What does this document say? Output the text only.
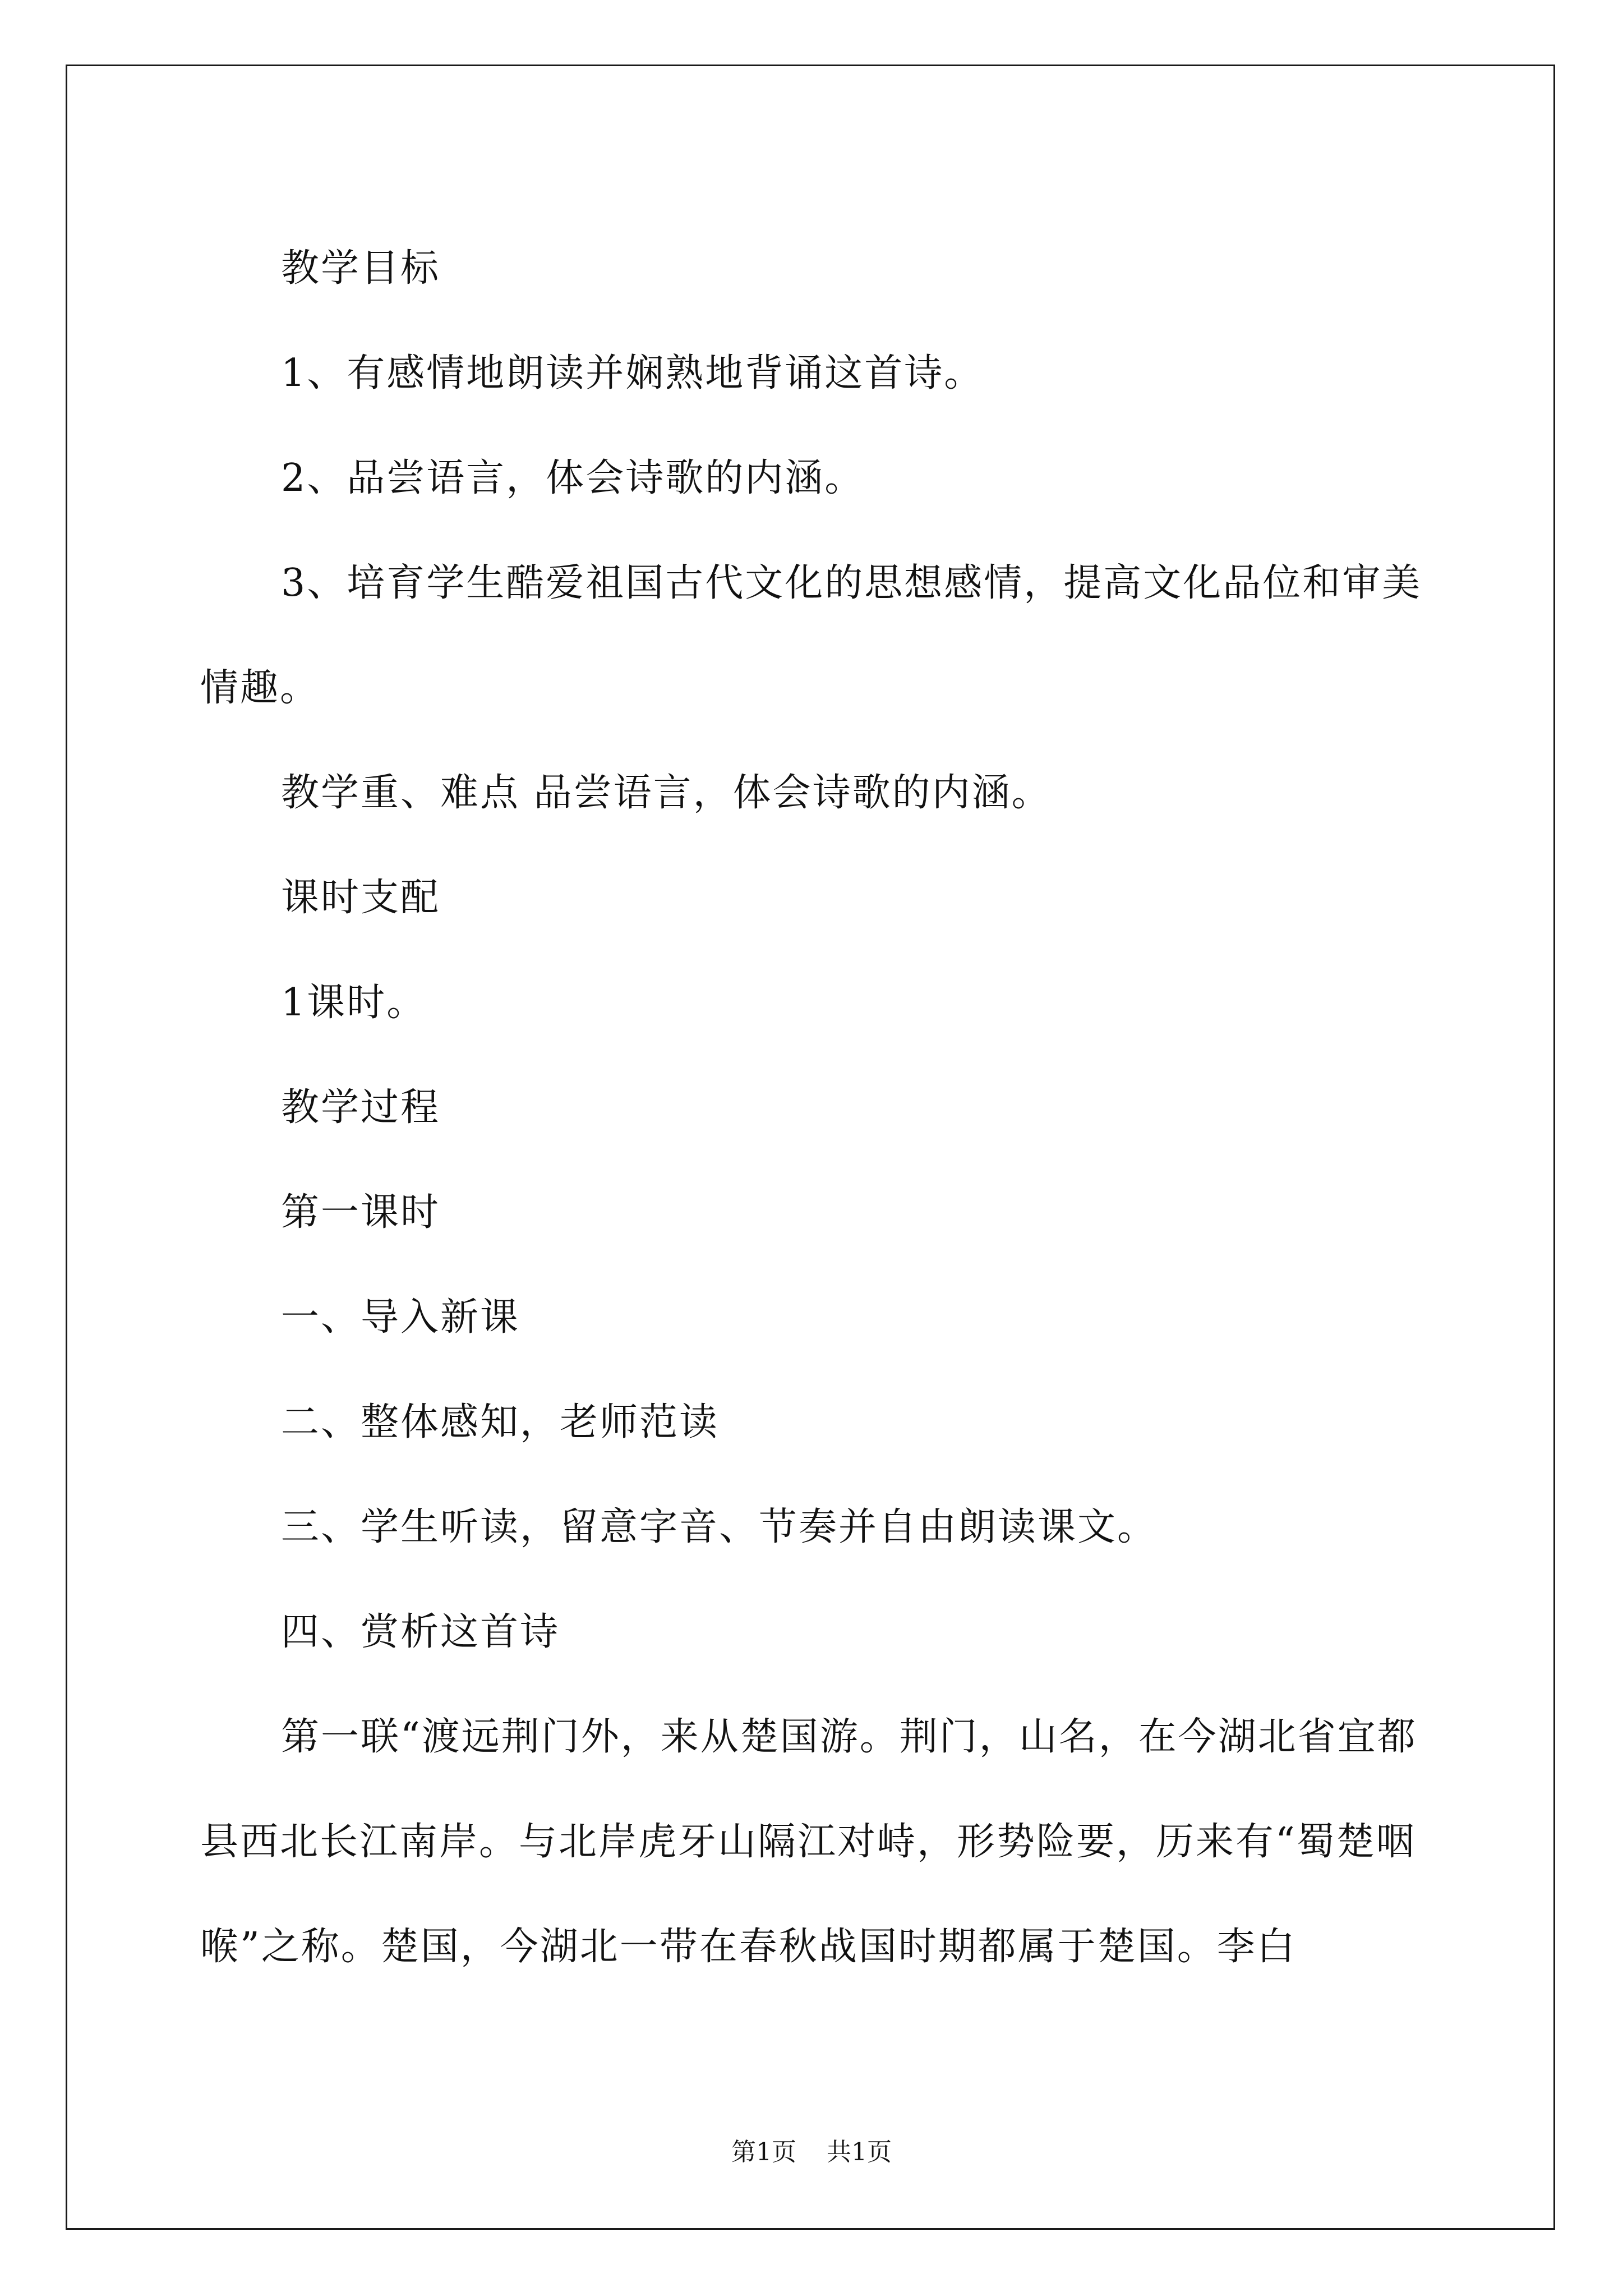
教学目标

1、有感情地朗读并娴熟地背诵这首诗。

2、品尝语言，体会诗歌的内涵。

3、培育学生酷爱祖国古代文化的思想感情，提高文化品位和审美情趣。

教学重、难点 品尝语言，体会诗歌的内涵。

课时支配

1课时。

教学过程

第一课时

一、导入新课

二、整体感知，老师范读

三、学生听读，留意字音、节奏并自由朗读课文。

四、赏析这首诗

第一联“渡远荆门外，来从楚国游。荆门，山名，在今湖北省宜都县西北长江南岸。与北岸虎牙山隔江对峙，形势险要，历来有“蜀楚咽喉”之称。楚国，今湖北一带在春秋战国时期都属于楚国。李白

第1页 共1页
